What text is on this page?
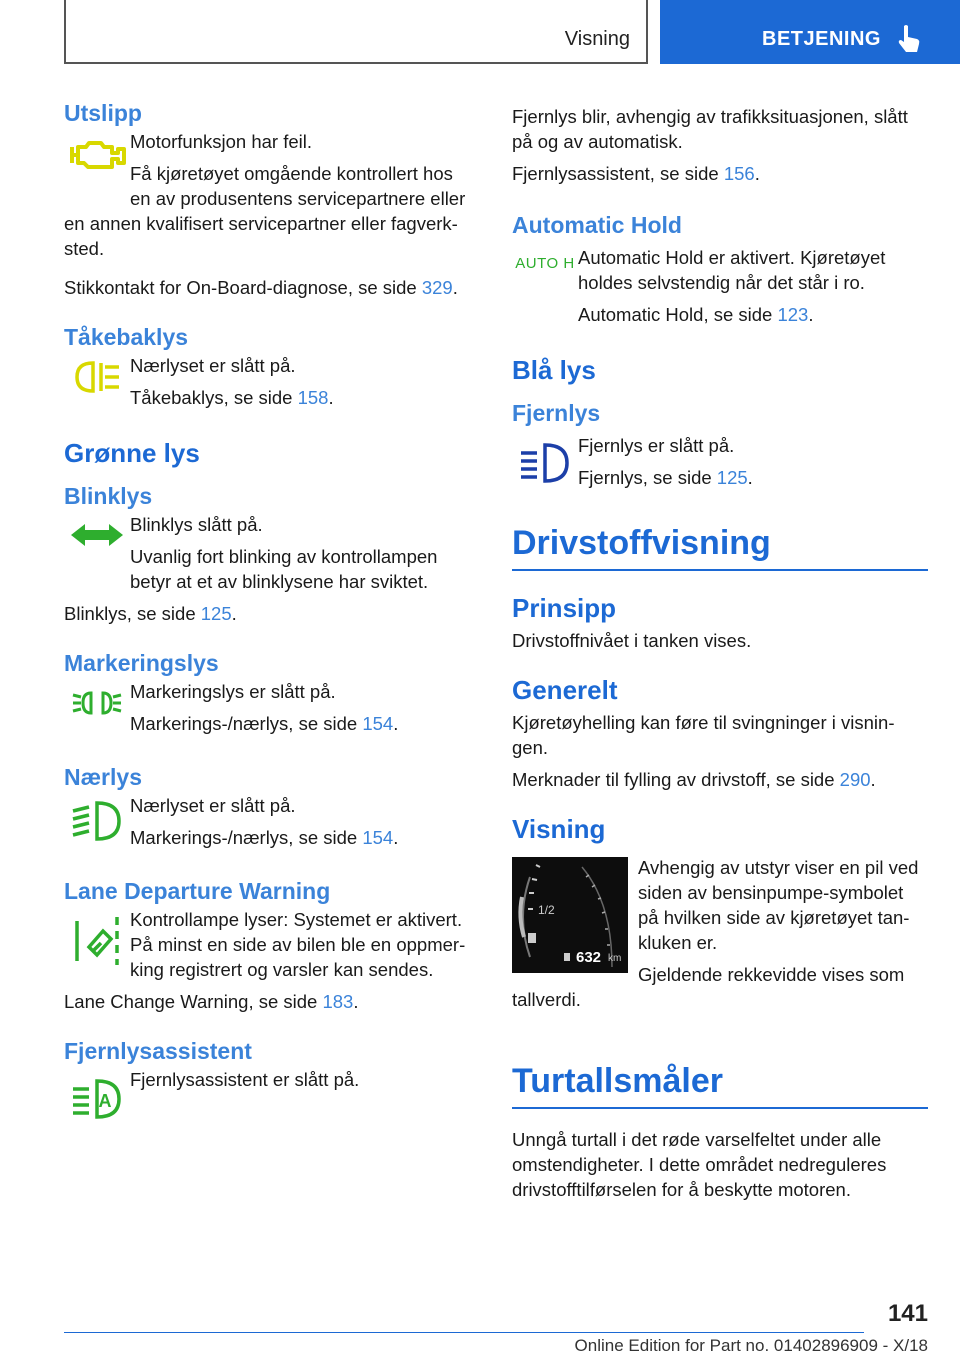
Visning	BETJENING
Utslipp

Motorfunksjon har feil.

Få kjøretøyet omgående kontrollert hos en av produsentens servicepartnere eller

en annen kvalifisert servicepartner eller fagverk-sted.

Stikkontakt for On-Board-diagnose, se side 329.

Tåkebaklys

Nærlyset er slått på.

Tåkebaklys, se side 158.

Grønne lys
Blinklys

Blinklys slått på.

Uvanlig fort blinking av kontrollampen betyr at et av blinklysene har sviktet.

Blinklys, se side 125.

Markeringslys

Markeringslys er slått på.

Markerings-/nærlys, se side 154.

Nærlys

Nærlyset er slått på.

Markerings-/nærlys, se side 154.

Lane Departure Warning

Kontrollampe lyser: Systemet er aktivert. På minst en side av bilen ble en oppmer-king registrert og varsler kan sendes.

Lane Change Warning, se side 183.

Fjernlysassistent
A

Fjernlysassistent er slått på.

Fjernlys blir, avhengig av trafikksituasjonen, slått på og av automatisk.

Fjernlysassistent, se side 156.

Automatic Hold
AUTO H Automatic Hold er aktivert. Kjøretøyet holdes selvstendig når det står i ro.

Automatic Hold, se side 123.

Blå lys
Fjernlys

Fjernlys er slått på.

Fjernlys, se side 125.

Drivstoffvisning
Prinsipp

Drivstoffnivået i tanken vises.

Generelt

Kjøretøyhelling kan føre til svingninger i visnin-gen.

Merknader til fylling av drivstoff, se side 290.

Visning
1/2
632 km

Avhengig av utstyr viser en pil ved siden av bensinpumpe-symbolet på hvilken side av kjøretøyet tan-kluken er.

Gjeldende rekkevidde vises som

tallverdi.

Turtallsmåler

Unngå turtall i det røde varselfeltet under alle omstendigheter. I dette området nedreguleres drivstofftilførselen for å beskytte motoren.

141
Online Edition for Part no. 01402896909 - X/18
